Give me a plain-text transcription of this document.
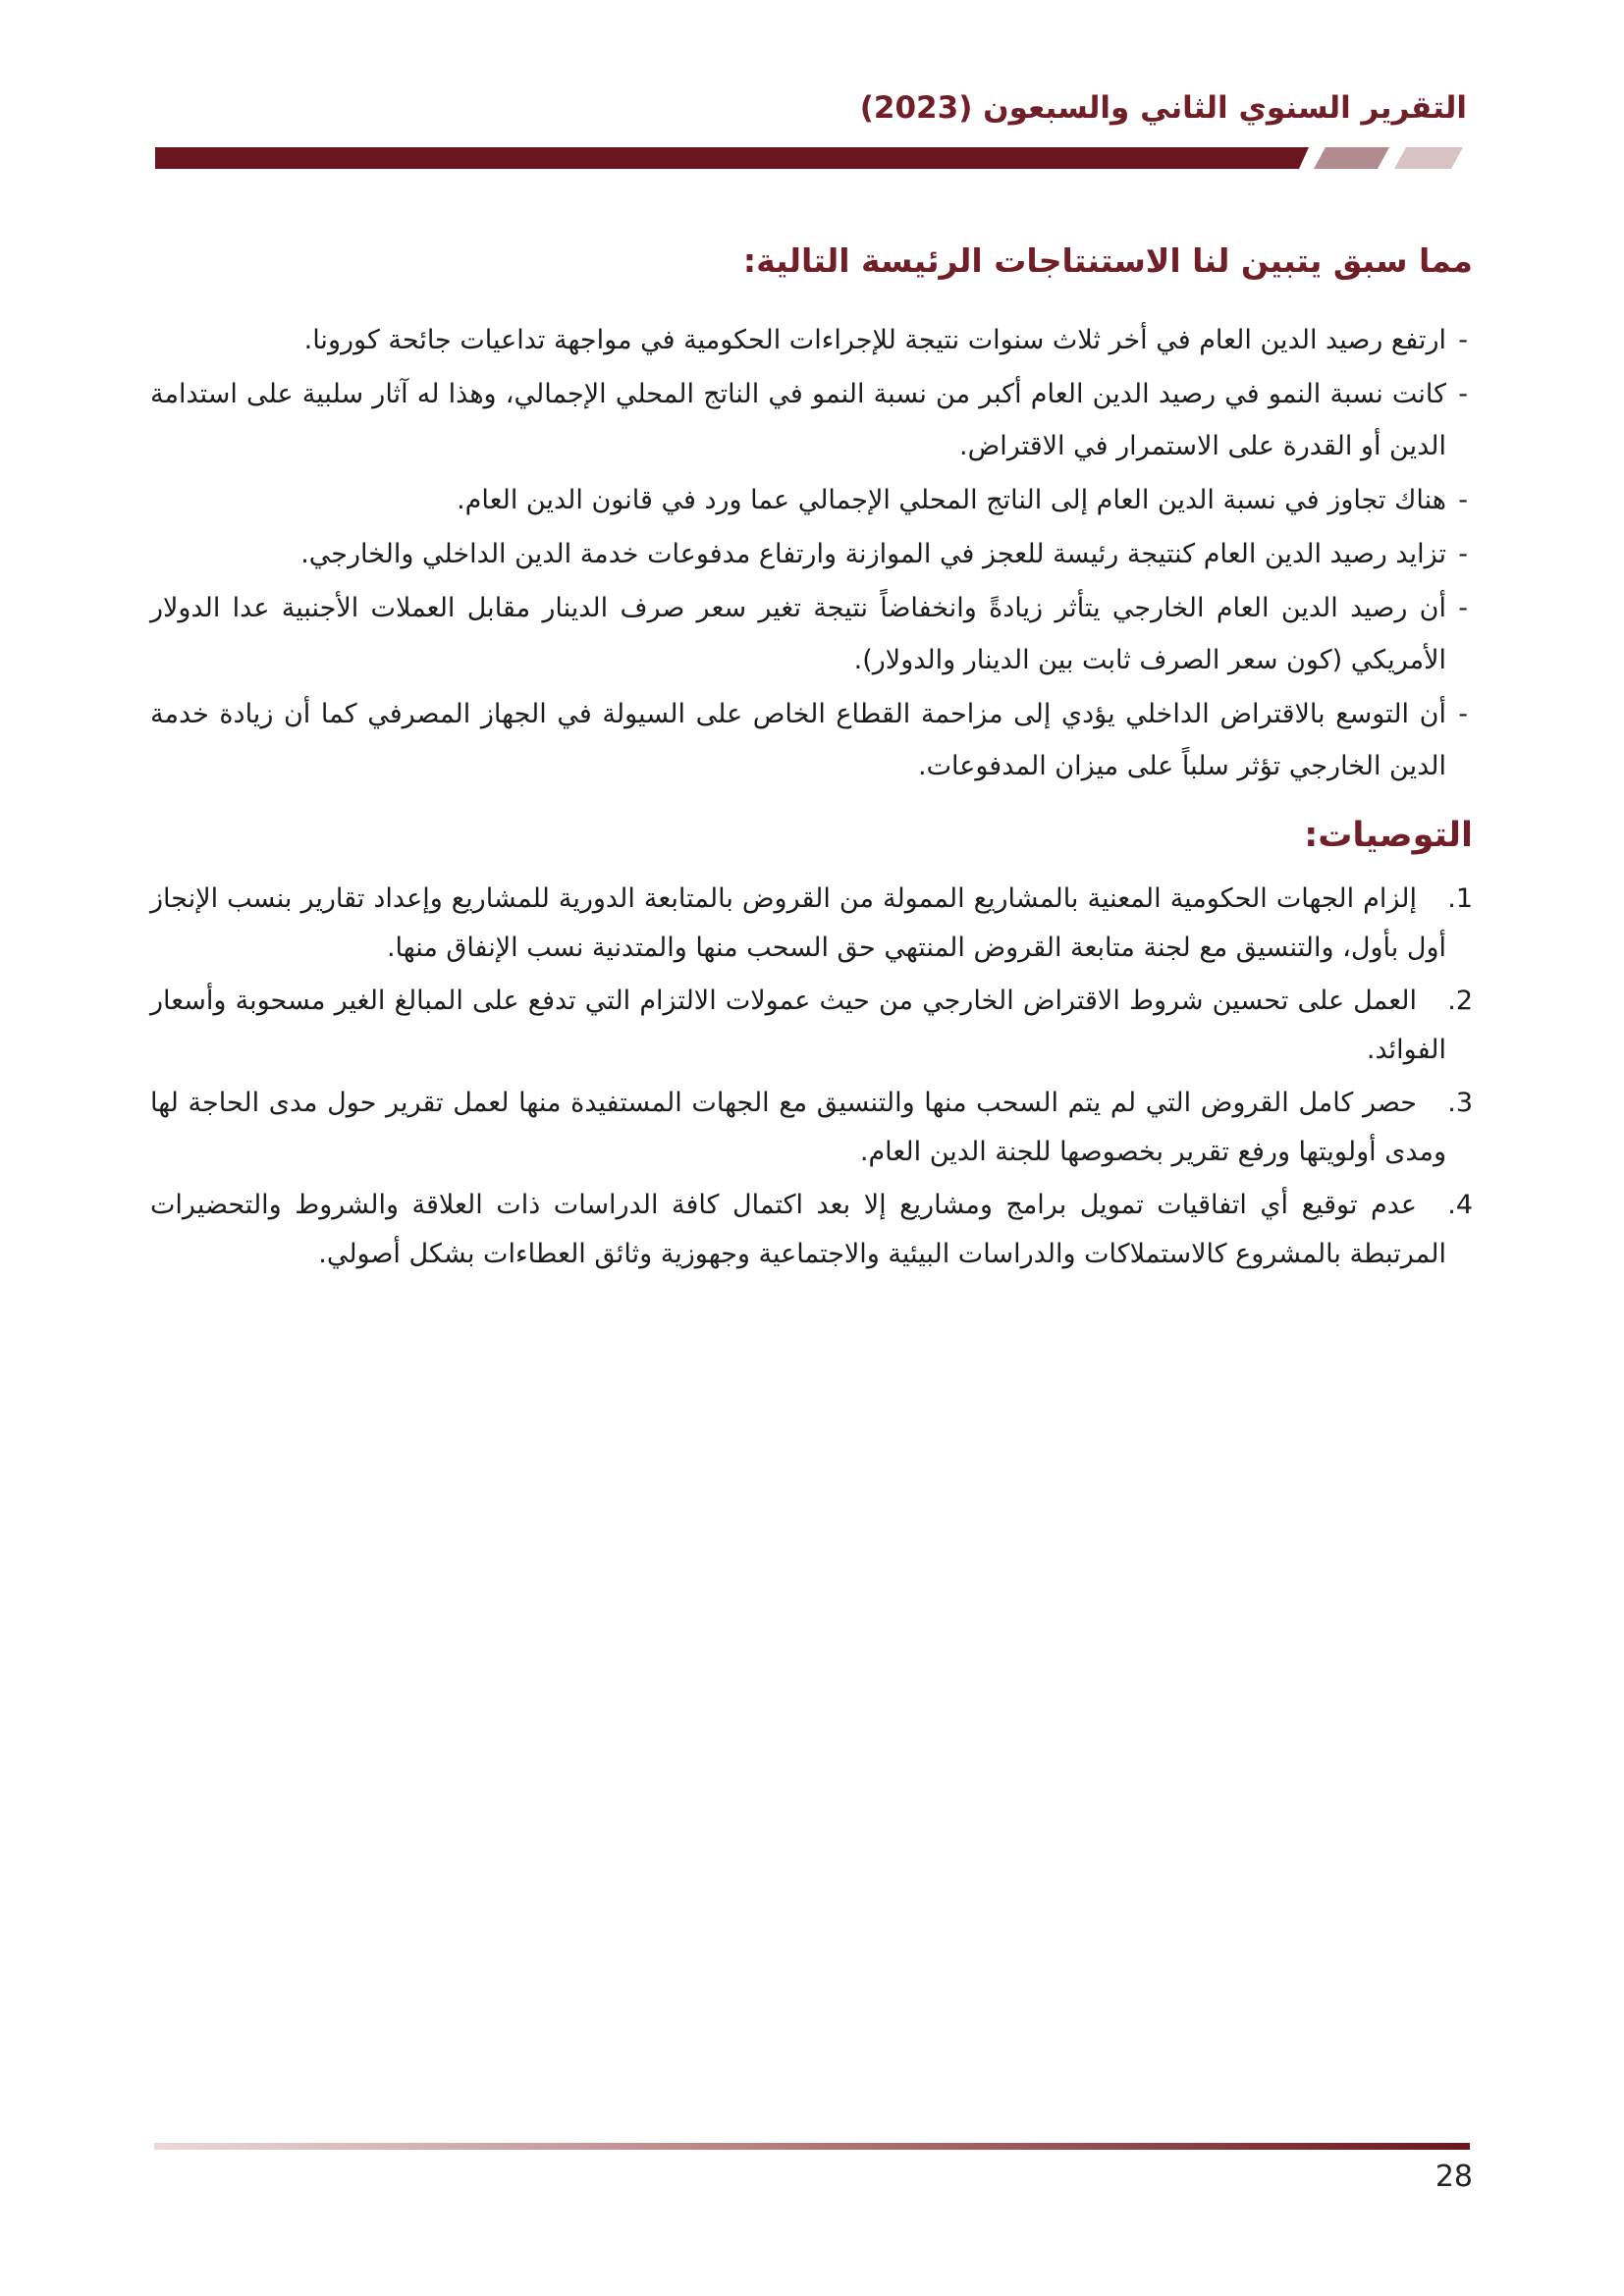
التقرير السنوي الثاني والسبعون (2023)
مما سبق يتبين لنا الاستنتاجات الرئيسة التالية:
-

ارتفع رصيد الدين العام في أخر ثلاث سنوات نتيجة للإجراءات الحكومية في مواجهة تداعيات جائحة كورونا.

-

كانت نسبة النمو في رصيد الدين العام أكبر من نسبة النمو في الناتج المحلي الإجمالي، وهذا له آثار سلبية على استدامة الدين أو القدرة على الاستمرار في الاقتراض.

-

هناك تجاوز في نسبة الدين العام إلى الناتج المحلي الإجمالي عما ورد في قانون الدين العام.

-

تزايد رصيد الدين العام كنتيجة رئيسة للعجز في الموازنة وارتفاع مدفوعات خدمة الدين الداخلي والخارجي.

-

أن رصيد الدين العام الخارجي يتأثر زيادةً وانخفاضاً نتيجة تغير سعر صرف الدينار مقابل العملات الأجنبية عدا الدولار الأمريكي (كون سعر الصرف ثابت بين الدينار والدولار).

-

أن التوسع بالاقتراض الداخلي يؤدي إلى مزاحمة القطاع الخاص على السيولة في الجهاز المصرفي كما أن زيادة خدمة الدين الخارجي تؤثر سلباً على ميزان المدفوعات.

التوصيات:
1.

إلزام الجهات الحكومية المعنية بالمشاريع الممولة من القروض بالمتابعة الدورية للمشاريع وإعداد تقارير بنسب الإنجاز أول بأول، والتنسيق مع لجنة متابعة القروض المنتهي حق السحب منها والمتدنية نسب الإنفاق منها.

2.

العمل على تحسين شروط الاقتراض الخارجي من حيث عمولات الالتزام التي تدفع على المبالغ الغير مسحوبة وأسعار الفوائد.

3.

حصر كامل القروض التي لم يتم السحب منها والتنسيق مع الجهات المستفيدة منها لعمل تقرير حول مدى الحاجة لها ومدى أولويتها ورفع تقرير بخصوصها للجنة الدين العام.

4.

عدم توقيع أي اتفاقيات تمويل برامج ومشاريع إلا بعد اكتمال كافة الدراسات ذات العلاقة والشروط والتحضيرات المرتبطة بالمشروع كالاستملاكات والدراسات البيئية والاجتماعية وجهوزية وثائق العطاءات بشكل أصولي.

28
